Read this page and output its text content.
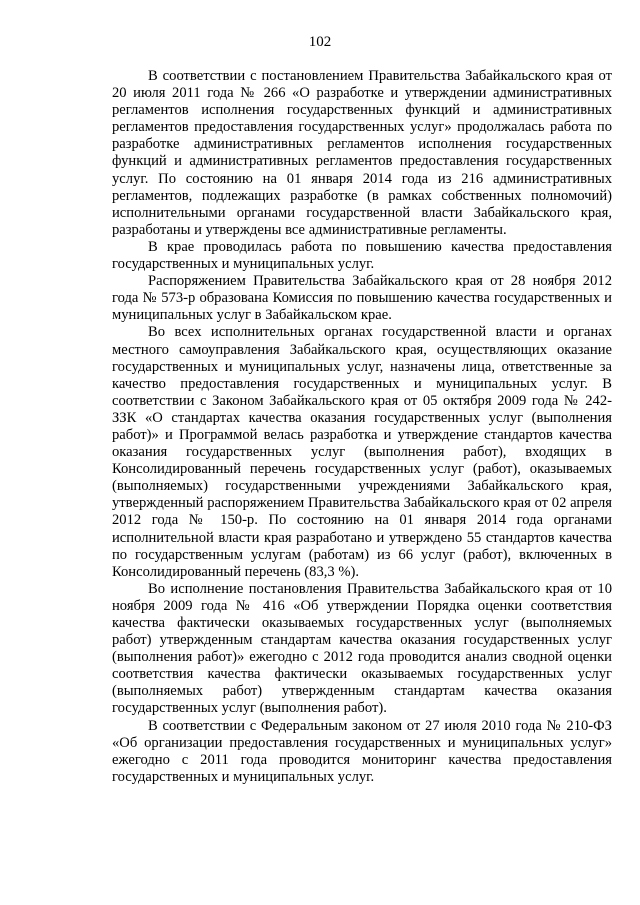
102

В соответствии с постановлением Правительства Забайкальского края от 20 июля 2011 года № 266 «О разработке и утверждении административных регламентов исполнения государственных функций и административных регламентов предоставления государственных услуг» продолжалась работа по разработке административных регламентов исполнения государственных функций и административных регламентов предоставления государственных услуг. По состоянию на 01 января 2014 года из 216 административных регламентов, подлежащих разработке (в рамках собственных полномочий) исполнительными органами государственной власти Забайкальского края, разработаны и утверждены все административные регламенты.

В крае проводилась работа по повышению качества предоставления государственных и муниципальных услуг.

Распоряжением Правительства Забайкальского края от 28 ноября 2012 года № 573-р образована Комиссия по повышению качества государственных и муниципальных услуг в Забайкальском крае.

Во всех исполнительных органах государственной власти и органах местного самоуправления Забайкальского края, осуществляющих оказание государственных и муниципальных услуг, назначены лица, ответственные за качество предоставления государственных и муниципальных услуг. В соответствии с Законом Забайкальского края от 05 октября 2009 года № 242-ЗЗК «О стандартах качества оказания государственных услуг (выполнения работ)» и Программой велась разработка и утверждение стандартов качества оказания государственных услуг (выполнения работ), входящих в Консолидированный перечень государственных услуг (работ), оказываемых (выполняемых) государственными учреждениями Забайкальского края, утвержденный распоряжением Правительства Забайкальского края от 02 апреля 2012 года № 150-р. По состоянию на 01 января 2014 года органами исполнительной власти края разработано и утверждено 55 стандартов качества по государственным услугам (работам) из 66 услуг (работ), включенных в Консолидированный перечень (83,3 %).

Во исполнение постановления Правительства Забайкальского края от 10 ноября 2009 года № 416 «Об утверждении Порядка оценки соответствия качества фактически оказываемых государственных услуг (выполняемых работ) утвержденным стандартам качества оказания государственных услуг (выполнения работ)» ежегодно с 2012 года проводится анализ сводной оценки соответствия качества фактически оказываемых государственных услуг (выполняемых работ) утвержденным стандартам качества оказания государственных услуг (выполнения работ).

В соответствии с Федеральным законом от 27 июля 2010 года № 210-ФЗ «Об организации предоставления государственных и муниципальных услуг» ежегодно с 2011 года проводится мониторинг качества предоставления государственных и муниципальных услуг.
